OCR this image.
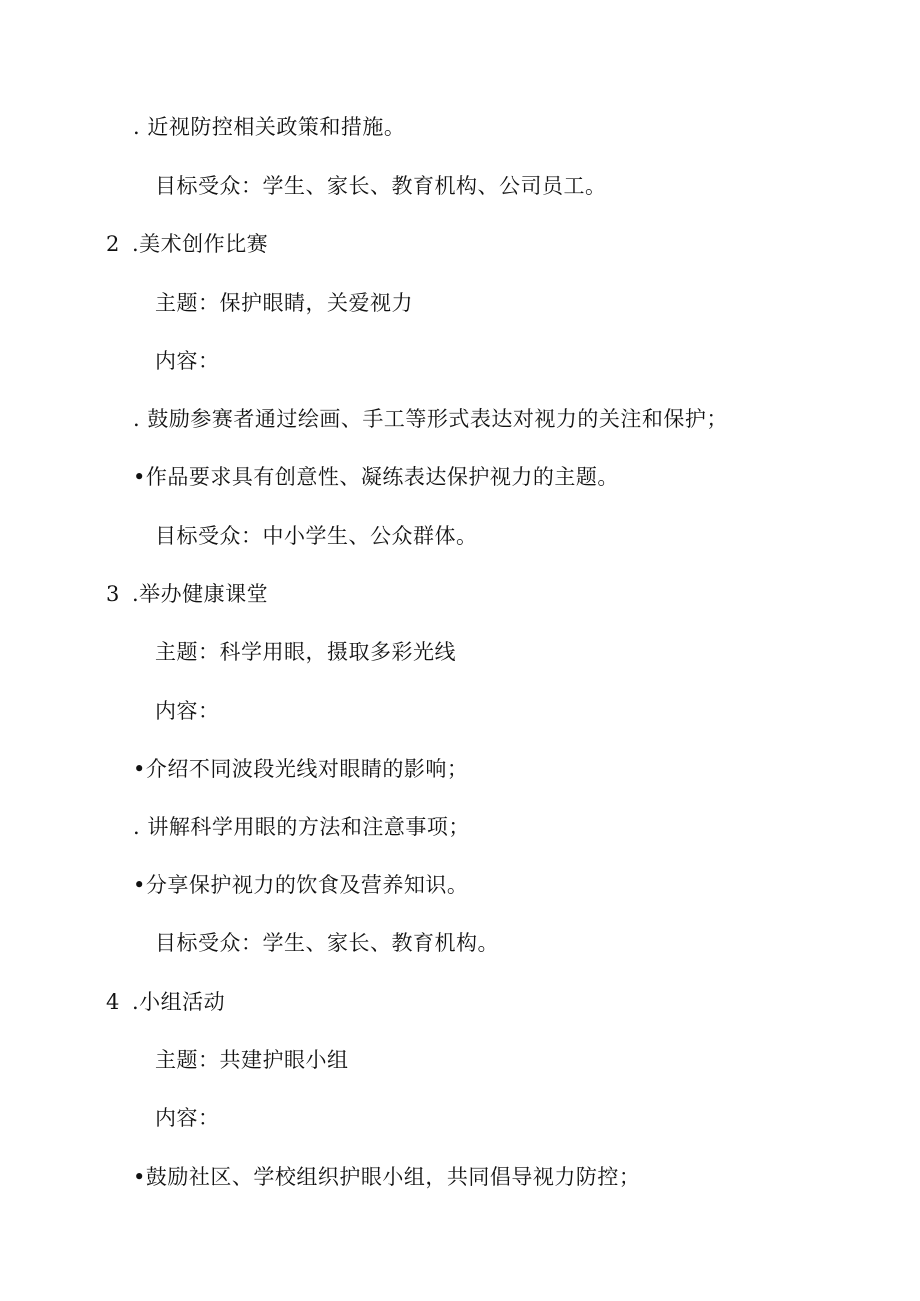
. 近视防控相关政策和措施。
目标受众：学生、家长、教育机构、公司员工。
2 .美术创作比赛
主题：保护眼睛，关爱视力
内容：
. 鼓励参赛者通过绘画、手工等形式表达对视力的关注和保护；
•作品要求具有创意性、凝练表达保护视力的主题。
目标受众：中小学生、公众群体。
3 .举办健康课堂
主题：科学用眼，摄取多彩光线
内容：
•介绍不同波段光线对眼睛的影响；
. 讲解科学用眼的方法和注意事项；
•分享保护视力的饮食及营养知识。
目标受众：学生、家长、教育机构。
4 .小组活动
主题：共建护眼小组
内容：
•鼓励社区、学校组织护眼小组，共同倡导视力防控；
